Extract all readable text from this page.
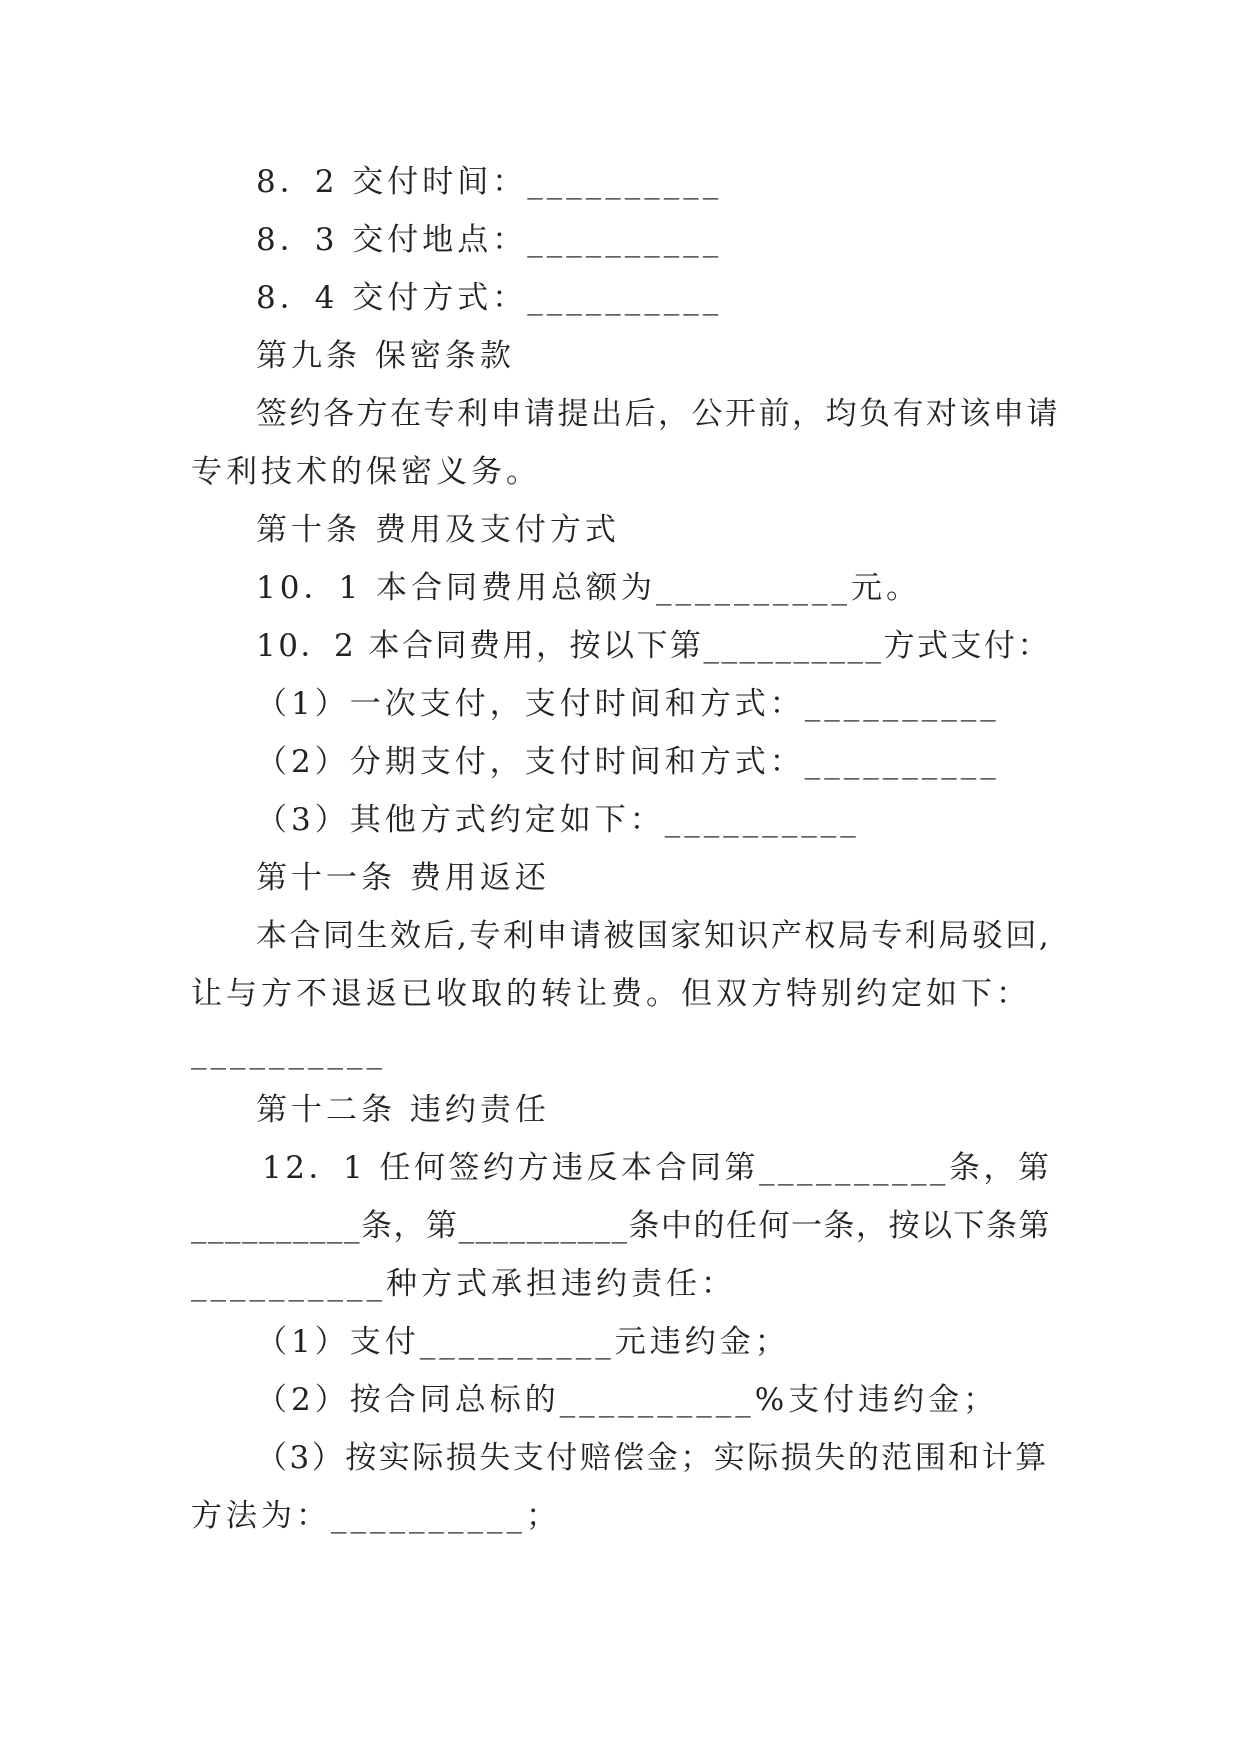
8．2 交付时间：__________
8．3 交付地点：__________
8．4 交付方式：__________
第九条 保密条款
签约各方在专利申请提出后，公开前，均负有对该申请
专利技术的保密义务。
第十条 费用及支付方式
10．1 本合同费用总额为__________元。
10．2 本合同费用，按以下第__________方式支付：
（1）一次支付，支付时间和方式：__________
（2）分期支付，支付时间和方式：__________
（3）其他方式约定如下：__________
第十一条 费用返还
本合同生效后,专利申请被国家知识产权局专利局驳回,
让与方不退返已收取的转让费。但双方特别约定如下：
__________
第十二条 违约责任
12．1 任何签约方违反本合同第__________条，第
__________条，第__________条中的任何一条，按以下条第
__________种方式承担违约责任：
（1）支付__________元违约金；
（2）按合同总标的__________%支付违约金；
（3）按实际损失支付赔偿金；实际损失的范围和计算
方法为：__________；
